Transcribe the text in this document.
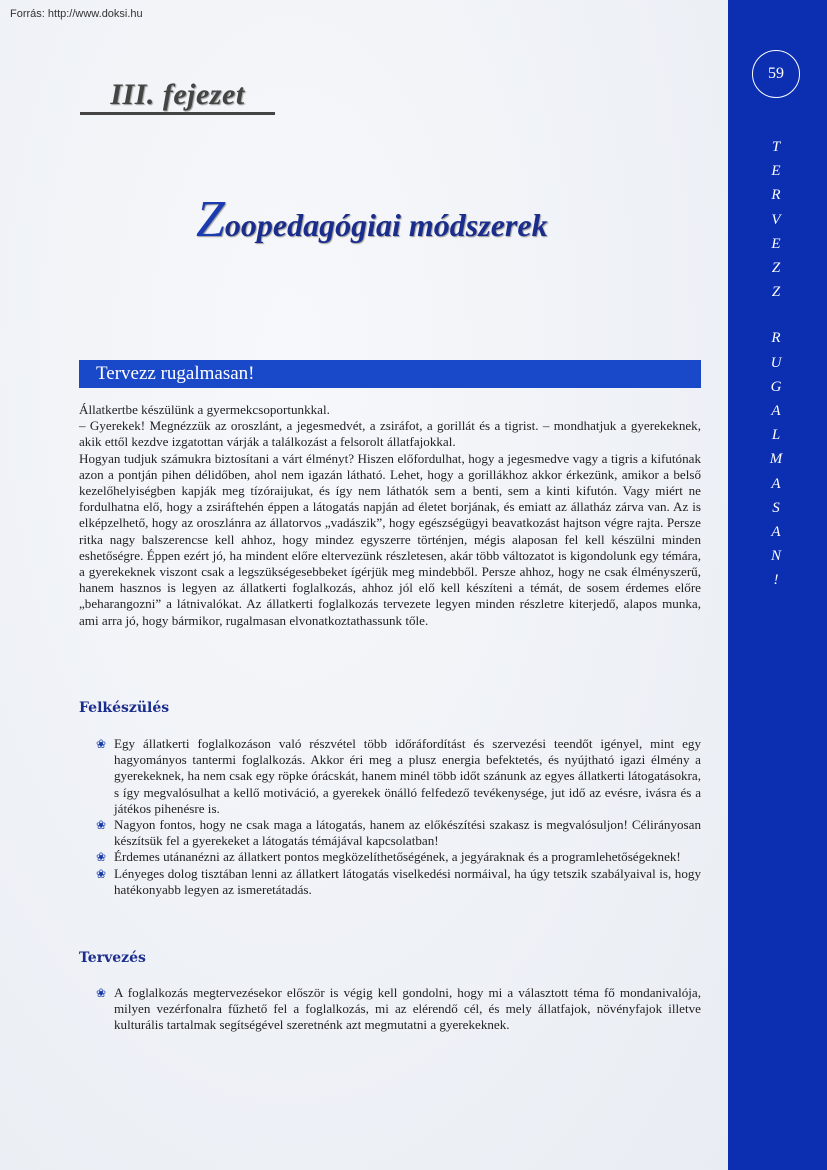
Forrás: http://www.doksi.hu
59
T
E
R
V
E
Z
Z
R
U
G
A
L
M
A
S
A
N
!
III. fejezet
Zoopedagógiai módszerek
Tervezz rugalmasan!

Állatkertbe készülünk a gyermekcsoportunkkal.

– Gyerekek! Megnézzük az oroszlánt, a jegesmedvét, a zsiráfot, a gorillát és a tigrist. – mondhatjuk a gyerekeknek, akik ettől kezdve izgatottan várják a találkozást a felsorolt állatfajokkal.

Hogyan tudjuk számukra biztosítani a várt élményt? Hiszen előfordulhat, hogy a jegesmedve vagy a tigris a kifutónak azon a pontján pihen délidőben, ahol nem igazán látható. Lehet, hogy a gorillákhoz akkor érkezünk, amikor a belső kezelőhelyiségben kapják meg tízóraijukat, és így nem láthatók sem a benti, sem a kinti kifutón. Vagy miért ne fordulhatna elő, hogy a zsiráftehén éppen a látogatás napján ad életet borjának, és emiatt az állatház zárva van. Az is elképzelhető, hogy az oroszlánra az állatorvos „vadászik”, hogy egészségügyi beavatkozást hajtson végre rajta. Persze ritka nagy balszerencse kell ahhoz, hogy mindez egyszerre történjen, mégis alaposan fel kell készülni minden eshetőségre. Éppen ezért jó, ha mindent előre eltervezünk részletesen, akár több változatot is kigondolunk egy témára, a gyerekeknek viszont csak a legszükségesebbeket ígérjük meg mindebből. Persze ahhoz, hogy ne csak élményszerű, hanem hasznos is legyen az állatkerti foglalkozás, ahhoz jól elő kell készíteni a témát, de sosem érdemes előre „beharangozni” a látnivalókat. Az állatkerti foglalkozás tervezete legyen minden részletre kiterjedő, alapos munka, ami arra jó, hogy bármikor, rugalmasan elvonatkoztathassunk tőle.

Felkészülés
❀ Egy állatkerti foglalkozáson való részvétel több időráfordítást és szervezési teendőt igényel, mint egy hagyományos tantermi foglalkozás. Akkor éri meg a plusz energia befektetés, és nyújtható igazi élmény a gyerekeknek, ha nem csak egy röpke órácskát, hanem minél több időt szánunk az egyes állatkerti látogatásokra, s így megvalósulhat a kellő motiváció, a gyerekek önálló felfedező tevékenysége, jut idő az evésre, ivásra és a játékos pihenésre is.
❀ Nagyon fontos, hogy ne csak maga a látogatás, hanem az előkészítési szakasz is megvalósuljon! Célirányosan készítsük fel a gyerekeket a látogatás témájával kapcsolatban!
❀ Érdemes utánanézni az állatkert pontos megközelíthetőségének, a jegyáraknak és a programlehetőségeknek!
❀ Lényeges dolog tisztában lenni az állatkert látogatás viselkedési normáival, ha úgy tetszik szabályaival is, hogy hatékonyabb legyen az ismeretátadás.
Tervezés
❀ A foglalkozás megtervezésekor először is végig kell gondolni, hogy mi a választott téma fő mondanivalója, milyen vezérfonalra fűzhető fel a foglalkozás, mi az elérendő cél, és mely állatfajok, növényfajok illetve kulturális tartalmak segítségével szeretnénk azt megmutatni a gyerekeknek.
